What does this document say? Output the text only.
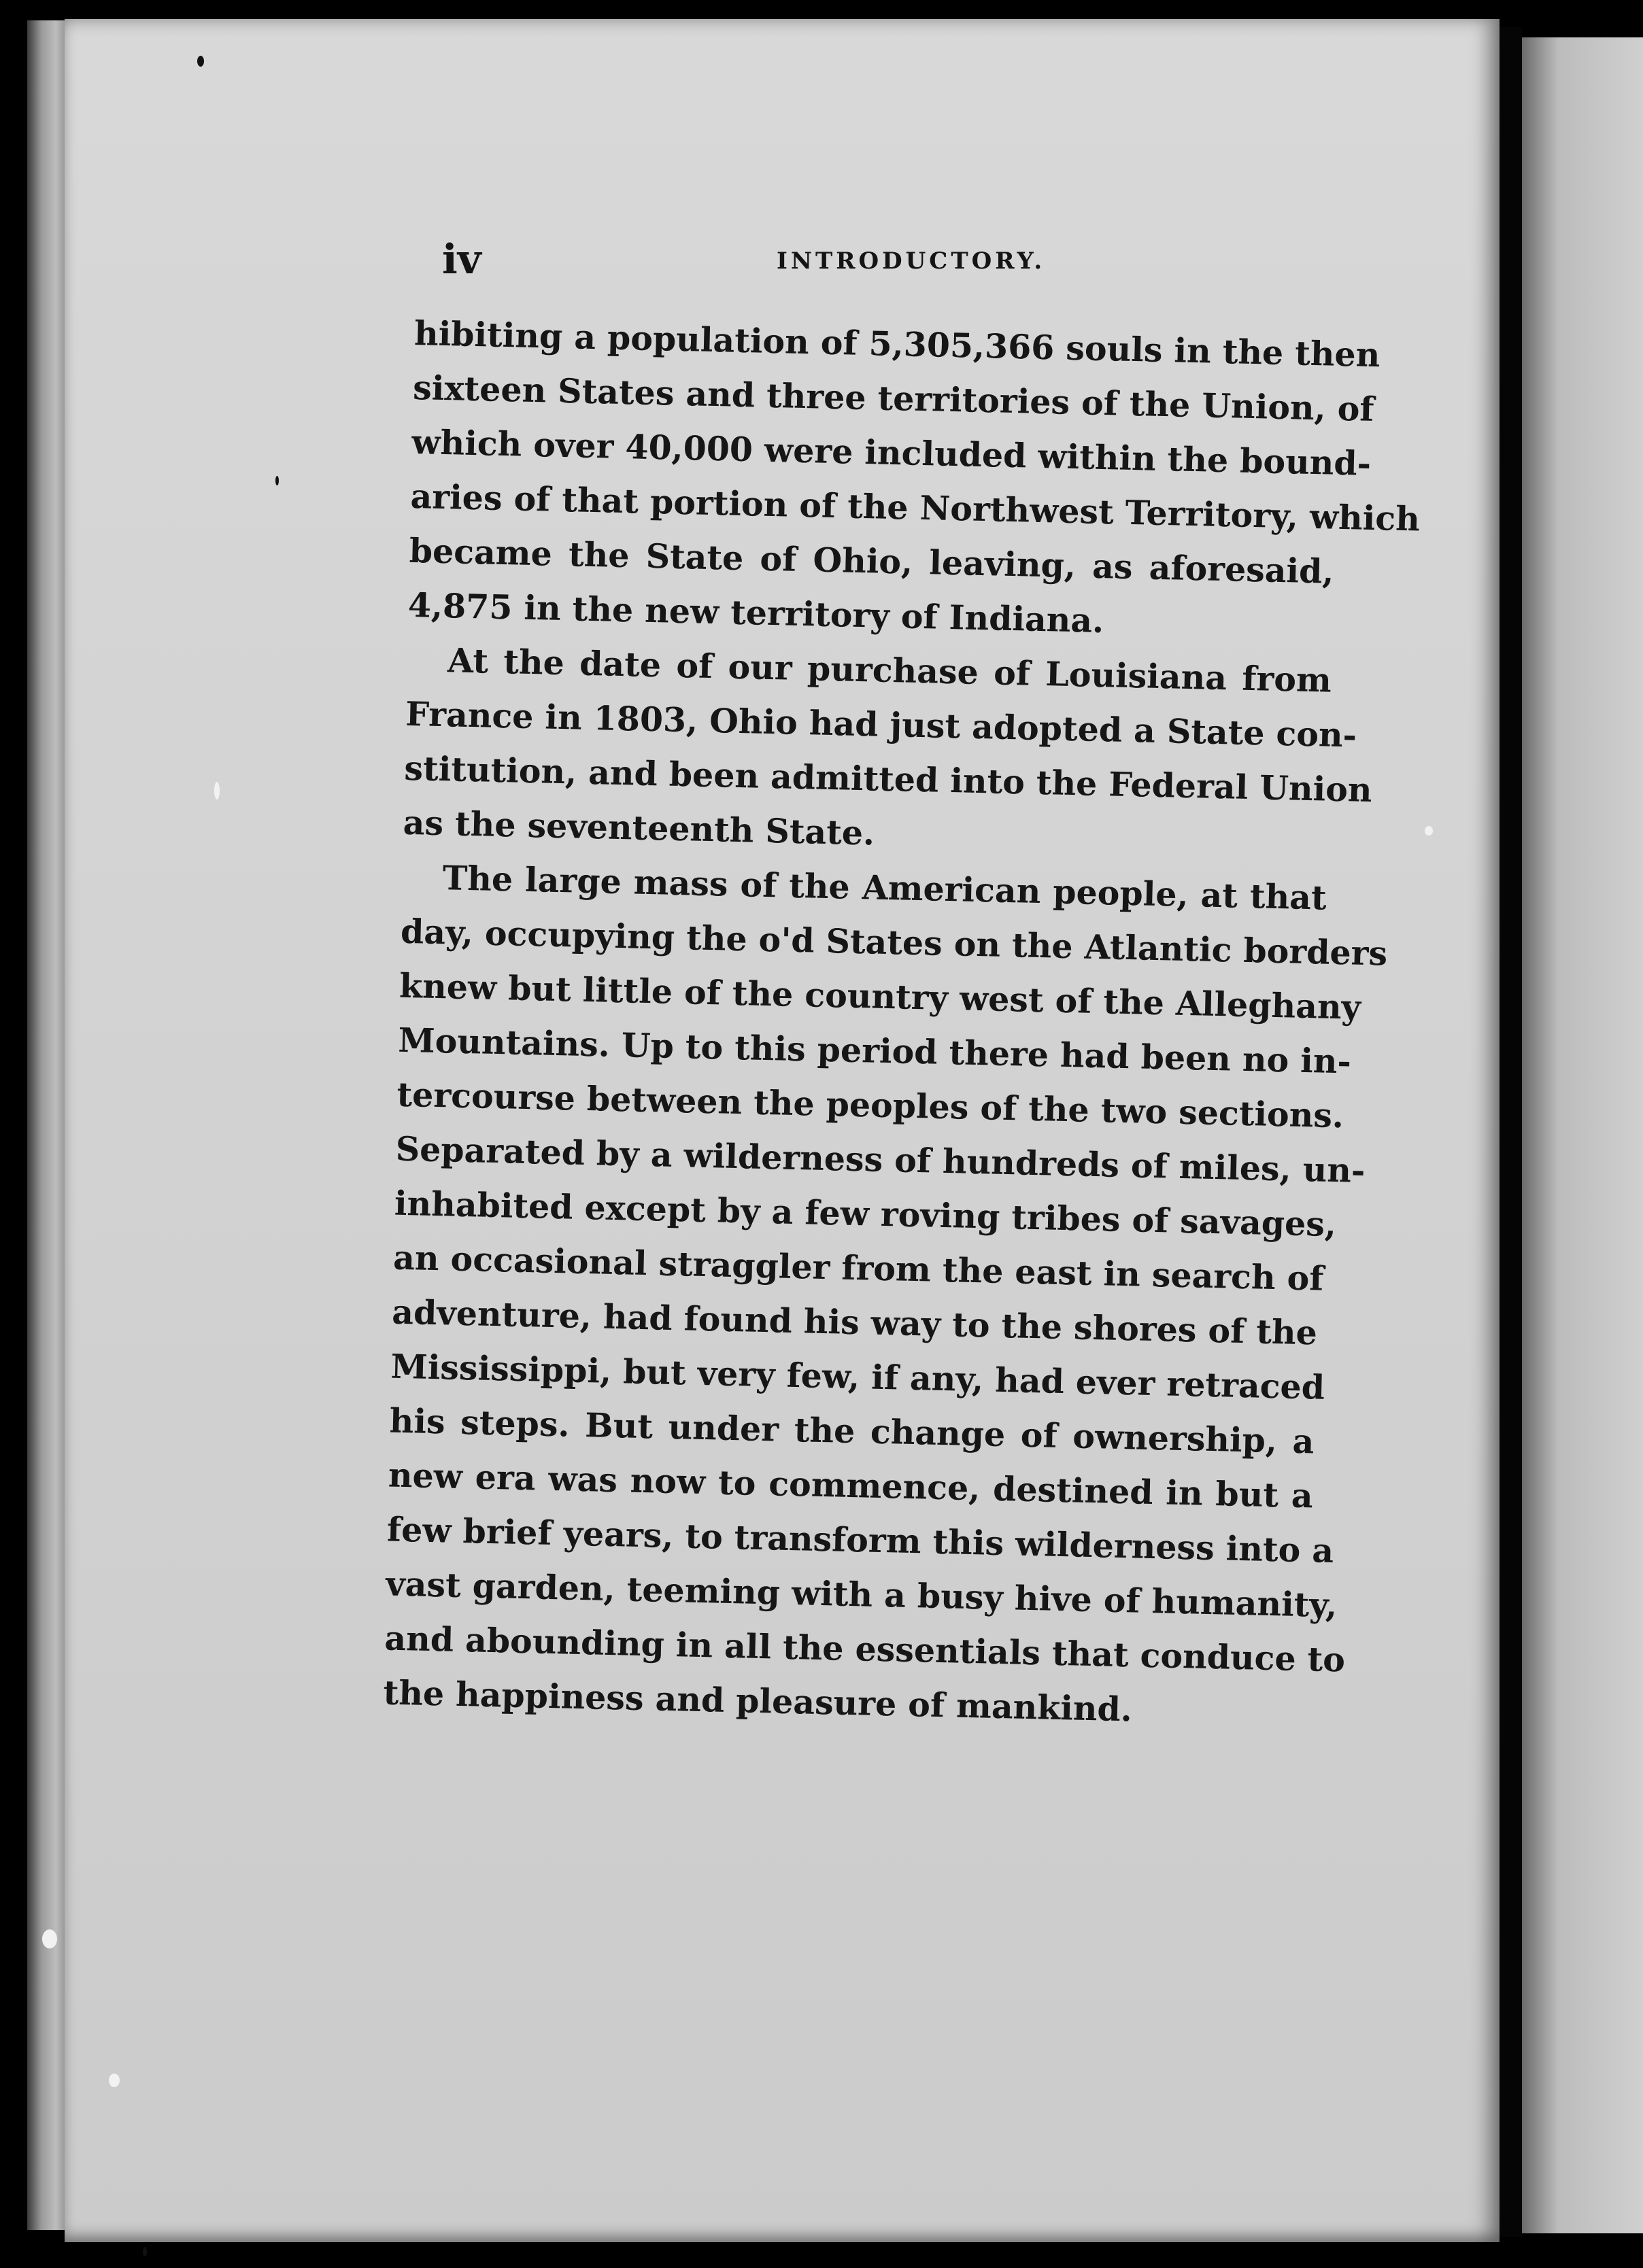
iv	INTRODUCTORY.
hibiting a population of 5,305,366 souls in the then
sixteen States and three territories of the Union, of
which over 40,000 were included within the bound-
aries of that portion of the Northwest Territory, which
became the State of Ohio, leaving, as aforesaid,
4,875 in the new territory of Indiana.
At the date of our purchase of Louisiana from
France in 1803, Ohio had just adopted a State con-
stitution, and been admitted into the Federal Union
as the seventeenth State.
The large mass of the American people, at that
day, occupying the o'd States on the Atlantic borders
knew but little of the country west of the Alleghany
Mountains. Up to this period there had been no in-
tercourse between the peoples of the two sections.
Separated by a wilderness of hundreds of miles, un-
inhabited except by a few roving tribes of savages,
an occasional straggler from the east in search of
adventure, had found his way to the shores of the
Mississippi, but very few, if any, had ever retraced
his steps. But under the change of ownership, a
new era was now to commence, destined in but a
few brief years, to transform this wilderness into a
vast garden, teeming with a busy hive of humanity,
and abounding in all the essentials that conduce to
the happiness and pleasure of mankind.
